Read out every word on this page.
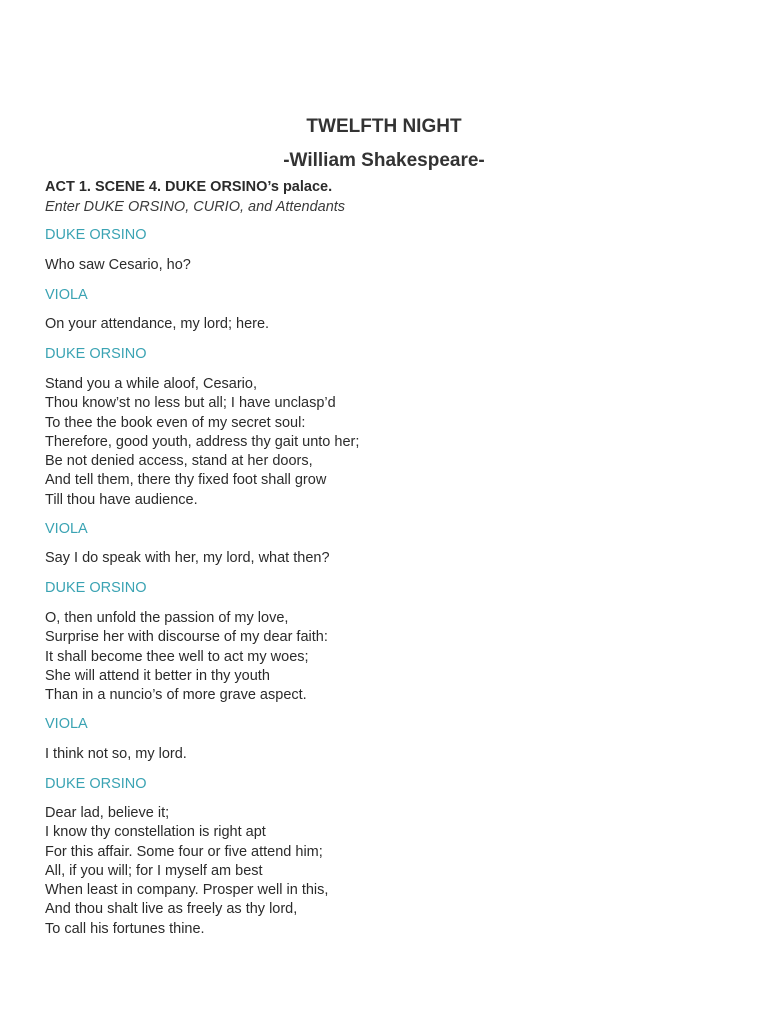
TWELFTH NIGHT
-William Shakespeare-

ACT 1. SCENE 4. DUKE ORSINO’s palace.

Enter DUKE ORSINO, CURIO, and Attendants

DUKE ORSINO

Who saw Cesario, ho?

VIOLA

On your attendance, my lord; here.

DUKE ORSINO

Stand you a while aloof, Cesario,
Thou know’st no less but all; I have unclasp’d
To thee the book even of my secret soul:
Therefore, good youth, address thy gait unto her;
Be not denied access, stand at her doors,
And tell them, there thy fixed foot shall grow
Till thou have audience.

VIOLA

Say I do speak with her, my lord, what then?

DUKE ORSINO

O, then unfold the passion of my love,
Surprise her with discourse of my dear faith:
It shall become thee well to act my woes;
She will attend it better in thy youth
Than in a nuncio’s of more grave aspect.

VIOLA

I think not so, my lord.

DUKE ORSINO

Dear lad, believe it;
I know thy constellation is right apt
For this affair. Some four or five attend him;
All, if you will; for I myself am best
When least in company. Prosper well in this,
And thou shalt live as freely as thy lord,
To call his fortunes thine.
